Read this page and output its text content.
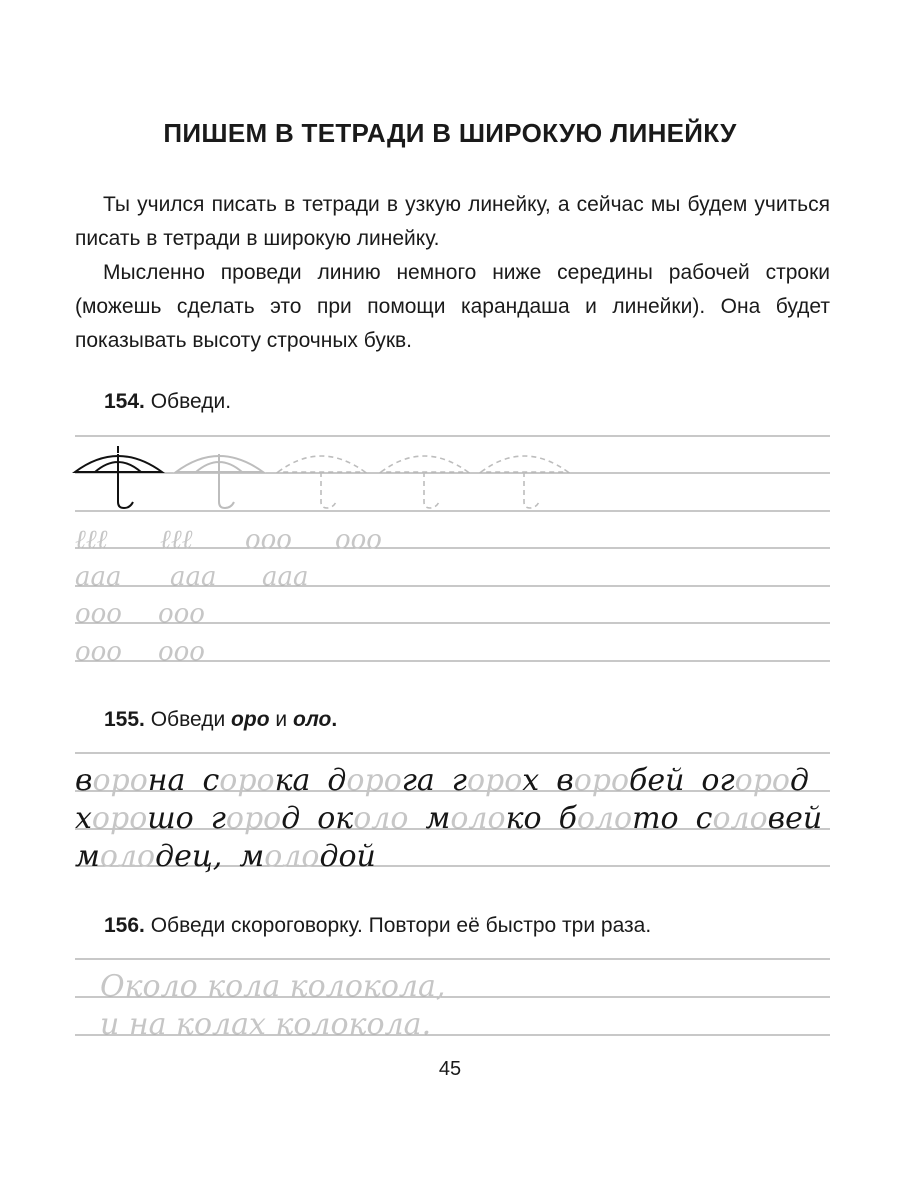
ПИШЕМ В ТЕТРАДИ В ШИРОКУЮ ЛИНЕЙКУ

Ты учился писать в тетради в узкую линейку, а сейчас мы будем учиться писать в тетради в широкую линейку.

Мысленно проведи линию немного ниже середины рабочей строки (можешь сделать это при помощи карандаша и линейки). Она будет показывать высоту строчных букв.

154. Обведи.
155. Обведи оро и оло.
156. Обведи скороговорку. Повтори её быстро три раза.
ℓℓℓ ℓℓℓ ооо ооо
ааа ааа ааа
ооо ооо
ооо ооо
ворона сорока дорога горох воробей огород
хорошо город около молоко болото соловей
молодец, молодой
Около кола колокола,
и на колах колокола.
45
